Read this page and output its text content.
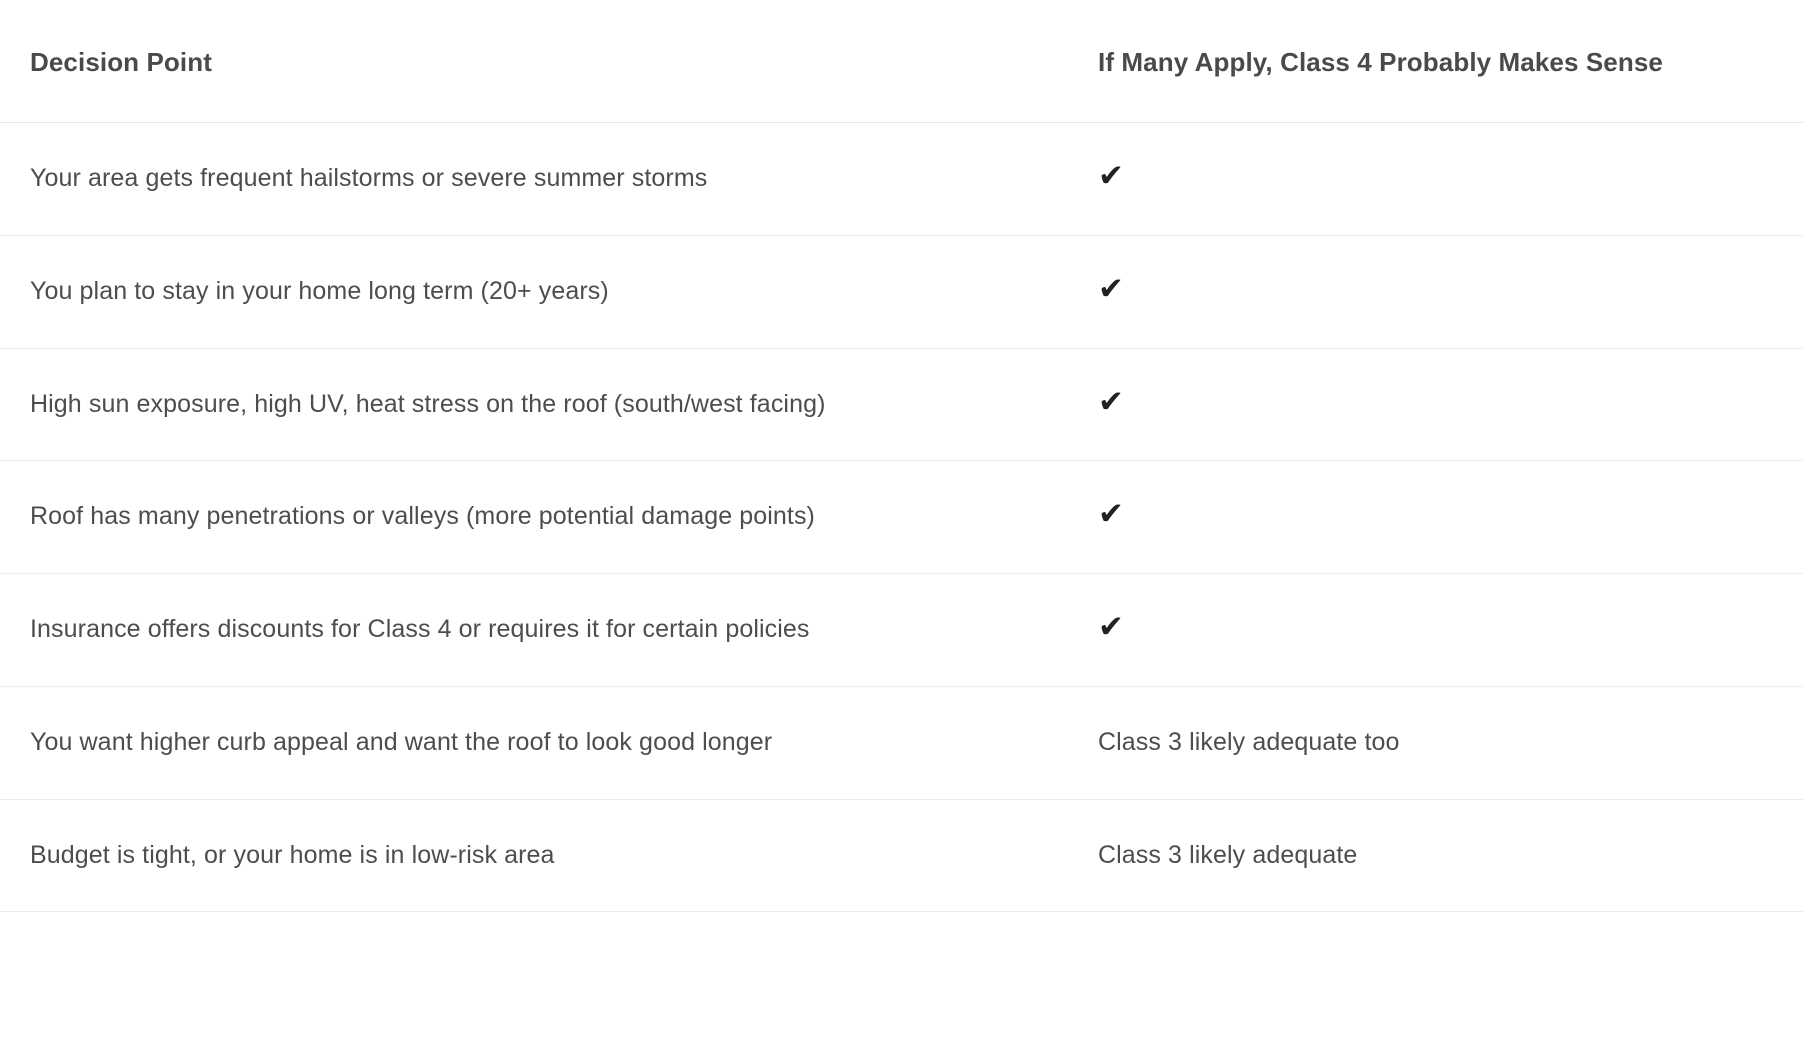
Decision Point	If Many Apply, Class 4 Probably Makes Sense
Your area gets frequent hailstorms or severe summer storms	✔
You plan to stay in your home long term (20+ years)	✔
High sun exposure, high UV, heat stress on the roof (south/west facing)	✔
Roof has many penetrations or valleys (more potential damage points)	✔
Insurance offers discounts for Class 4 or requires it for certain policies	✔
You want higher curb appeal and want the roof to look good longer	Class 3 likely adequate too
Budget is tight, or your home is in low-risk area	Class 3 likely adequate
